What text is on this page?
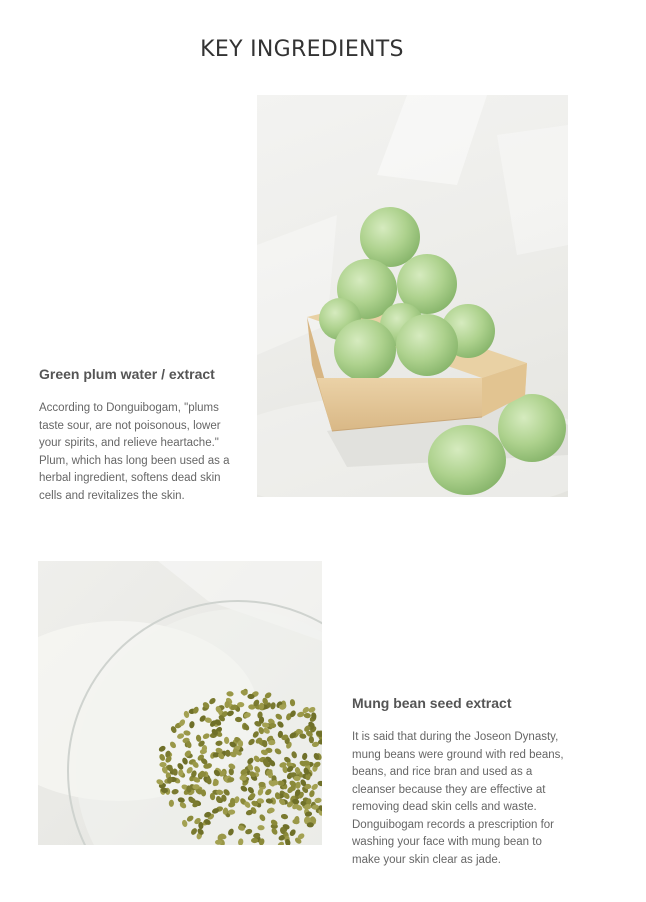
KEY INGREDIENTS
Green plum water / extract

According to Donguibogam, "plums taste sour, are not poisonous, lower your spirits, and relieve heartache." Plum, which has long been used as a herbal ingredient, softens dead skin cells and revitalizes the skin.

Mung bean seed extract

It is said that during the Joseon Dynasty, mung beans were ground with red beans, beans, and rice bran and used as a cleanser because they are effective at removing dead skin cells and waste. Donguibogam records a prescription for washing your face with mung bean to make your skin clear as jade.
